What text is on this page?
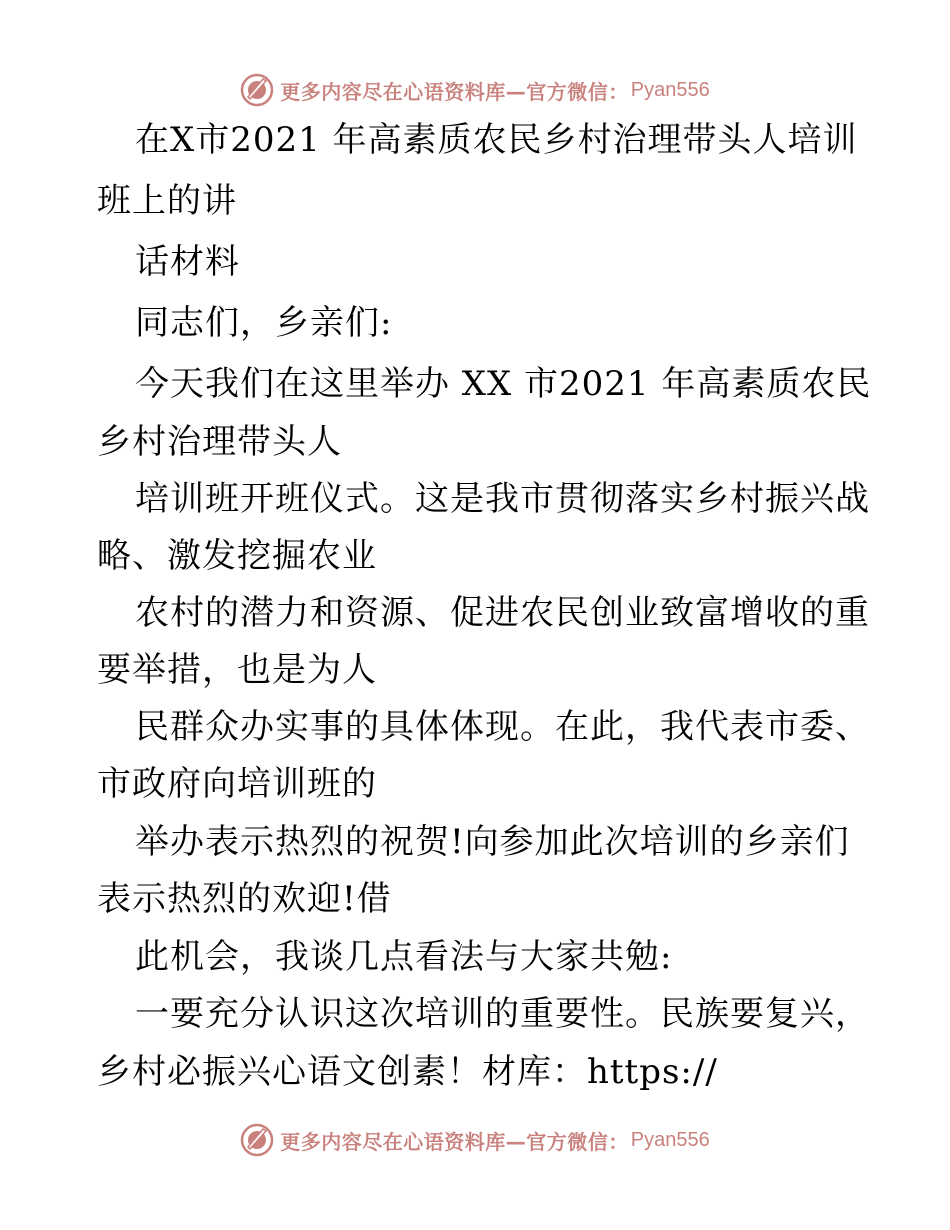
更多内容尽在心语资料库—官方微信： Pyan556
在X市2021 年高素质农民乡村治理带头人培训
班上的讲
话材料
同志们，乡亲们:
今天我们在这里举办 XX 市2021 年高素质农民
乡村治理带头人
培训班开班仪式。这是我市贯彻落实乡村振兴战
略、激发挖掘农业
农村的潜力和资源、促进农民创业致富增收的重
要举措，也是为人
民群众办实事的具体体现。在此，我代表市委、
市政府向培训班的
举办表示热烈的祝贺!向参加此次培训的乡亲们
表示热烈的欢迎!借
此机会，我谈几点看法与大家共勉:
一要充分认识这次培训的重要性。民族要复兴，
乡村必振兴心语文创素！材库：https://
更多内容尽在心语资料库—官方微信： Pyan556
